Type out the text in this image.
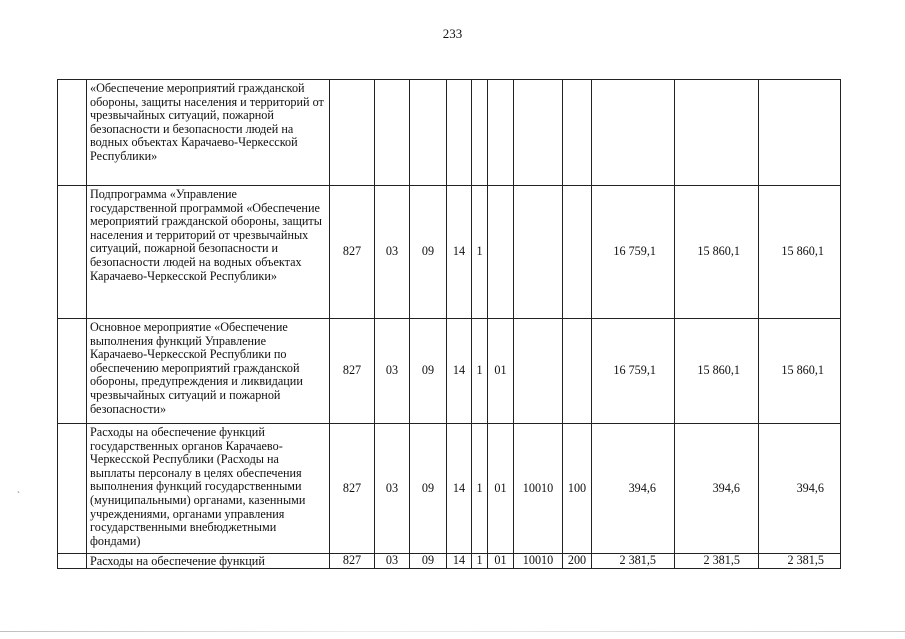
233
	«Обеспечение мероприятий гражданской обороны, защиты населения и территорий от чрезвычайных ситуаций, пожарной безопасности и безопасности людей на водных объектах Карачаево-Черкесской Республики»											
	Подпрограмма «Управление государственной программой «Обеспечение мероприятий гражданской обороны, защиты населения и территорий от чрезвычайных ситуаций, пожарной безопасности и безопасности людей на водных объектах Карачаево-Черкесской Республики»	827	03	09	14	1				16 759,1	15 860,1	15 860,1
	Основное мероприятие «Обеспечение выполнения функций Управление Карачаево-Черкесской Республики по обеспечению мероприятий гражданской обороны, предупреждения и ликвидации чрезвычайных ситуаций и пожарной безопасности»	827	03	09	14	1	01			16 759,1	15 860,1	15 860,1
	Расходы на обеспечение функций государственных органов Карачаево-Черкесской Республики (Расходы на выплаты персоналу в целях обеспечения выполнения функций государственными (муниципальными) органами, казенными учреждениями, органами управления государственными внебюджетными фондами)	827	03	09	14	1	01	10010	100	394,6	394,6	394,6

	Расходы на обеспечение функций	827	03	09	14	1	01	10010	200	2 381,5	2 381,5	2 381,5
`
